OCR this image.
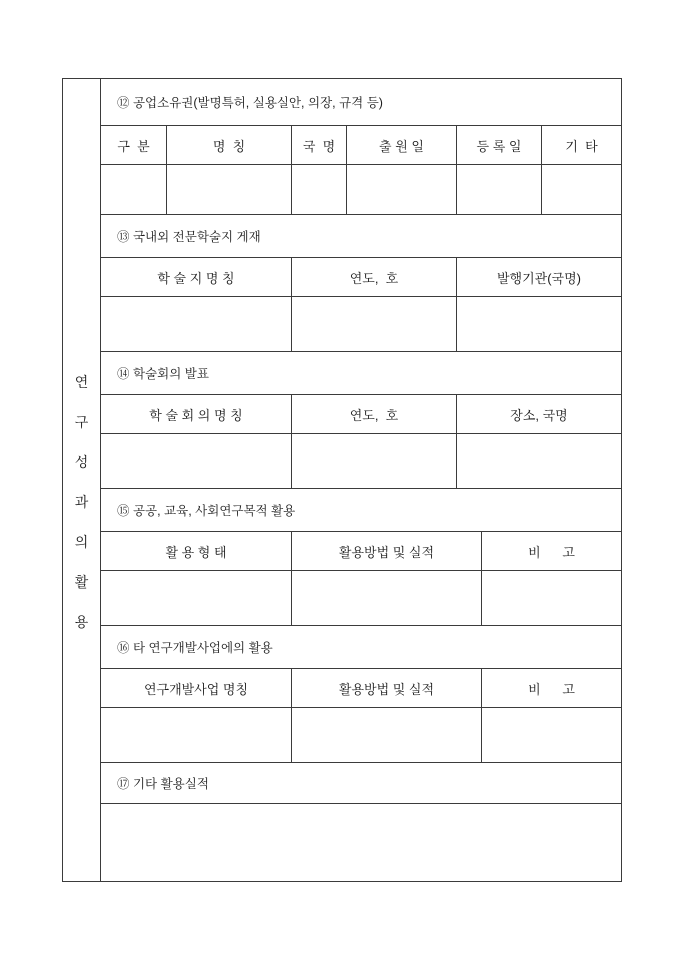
연
구
성
과
의
활
용
⑫ 공업소유권(발명특허, 실용실안, 의장, 규격 등)
구  분	명  칭	국  명	출 원 일	등 록 일	기  타
⑬ 국내외 전문학술지 게재
학 술 지 명 칭	연도,  호	발행기관(국명)
⑭ 학술회의 발표
학 술 회 의 명 칭	연도,  호	장소, 국명
⑮ 공공, 교육, 사회연구목적 활용
활 용 형 태	활용방법 및 실적	비      고
⑯ 타 연구개발사업에의 활용
연구개발사업 명칭	활용방법 및 실적	비      고
⑰ 기타 활용실적
